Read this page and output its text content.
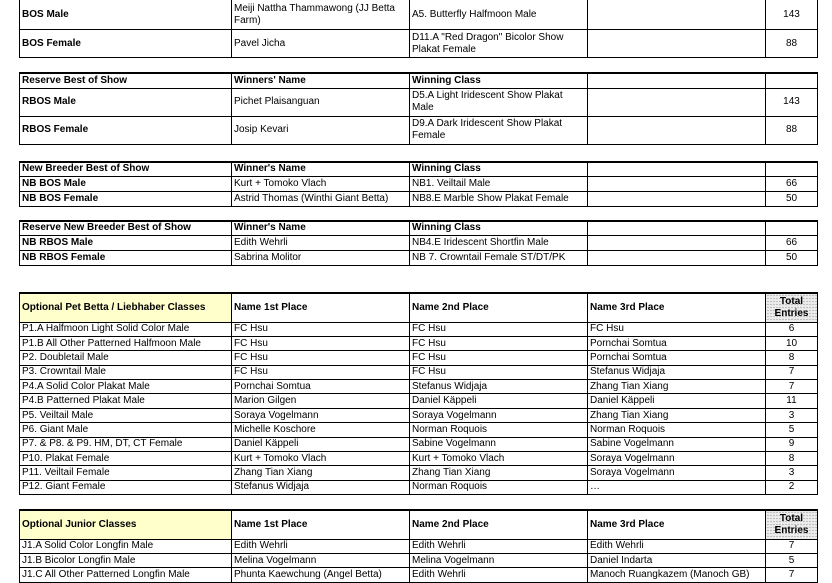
BOS Male	Meiji Nattha Thammawong (JJ Betta Farm)	A5. Butterfly Halfmoon Male		143
BOS Female	Pavel Jicha	D11.A "Red Dragon" Bicolor Show Plakat Female		88
Reserve Best of Show	Winners' Name	Winning Class		
RBOS Male	Pichet Plaisanguan	D5.A Light Iridescent Show Plakat Male		143
RBOS Female	Josip Kevari	D9.A Dark Iridescent Show Plakat Female		88
New Breeder Best of Show	Winner's Name	Winning Class		
NB BOS Male	Kurt + Tomoko Vlach	NB1. Veiltail Male		66
NB BOS Female	Astrid Thomas (Winthi Giant Betta)	NB8.E Marble Show Plakat Female		50
Reserve New Breeder Best of Show	Winner's Name	Winning Class		
NB RBOS Male	Edith Wehrli	NB4.E Iridescent Shortfin Male		66
NB RBOS Female	Sabrina Molitor	NB 7. Crowntail Female ST/DT/PK		50
Optional Pet Betta / Liebhaber Classes	Name 1st Place	Name 2nd Place	Name 3rd Place	Total Entries
P1.A Halfmoon Light Solid Color Male	FC Hsu	FC Hsu	FC Hsu	6
P1.B All Other Patterned Halfmoon Male	FC Hsu	FC Hsu	Pornchai Somtua	10
P2. Doubletail Male	FC Hsu	FC Hsu	Pornchai Somtua	8
P3. Crowntail Male	FC Hsu	FC Hsu	Stefanus Widjaja	7
P4.A Solid Color Plakat Male	Pornchai Somtua	Stefanus Widjaja	Zhang Tian Xiang	7
P4.B Patterned Plakat Male	Marion Gilgen	Daniel Käppeli	Daniel Käppeli	11
P5. Veiltail Male	Soraya Vogelmann	Soraya Vogelmann	Zhang Tian Xiang	3
P6. Giant Male	Michelle Koschore	Norman Roquois	Norman Roquois	5
P7. & P8. & P9. HM, DT, CT Female	Daniel Käppeli	Sabine Vogelmann	Sabine Vogelmann	9
P10. Plakat Female	Kurt + Tomoko Vlach	Kurt + Tomoko Vlach	Soraya Vogelmann	8
P11. Veiltail Female	Zhang Tian Xiang	Zhang Tian Xiang	Soraya Vogelmann	3
P12. Giant Female	Stefanus Widjaja	Norman Roquois	…	2
Optional Junior Classes	Name 1st Place	Name 2nd Place	Name 3rd Place	Total Entries
J1.A Solid Color Longfin Male	Edith Wehrli	Edith Wehrli	Edith Wehrli	7
J1.B Bicolor Longfin Male	Melina Vogelmann	Melina Vogelmann	Daniel Indarta	5
J1.C All Other Patterned Longfin Male	Phunta Kaewchung (Angel Betta)	Edith Wehrli	Manoch Ruangkazem (Manoch GB)	7
